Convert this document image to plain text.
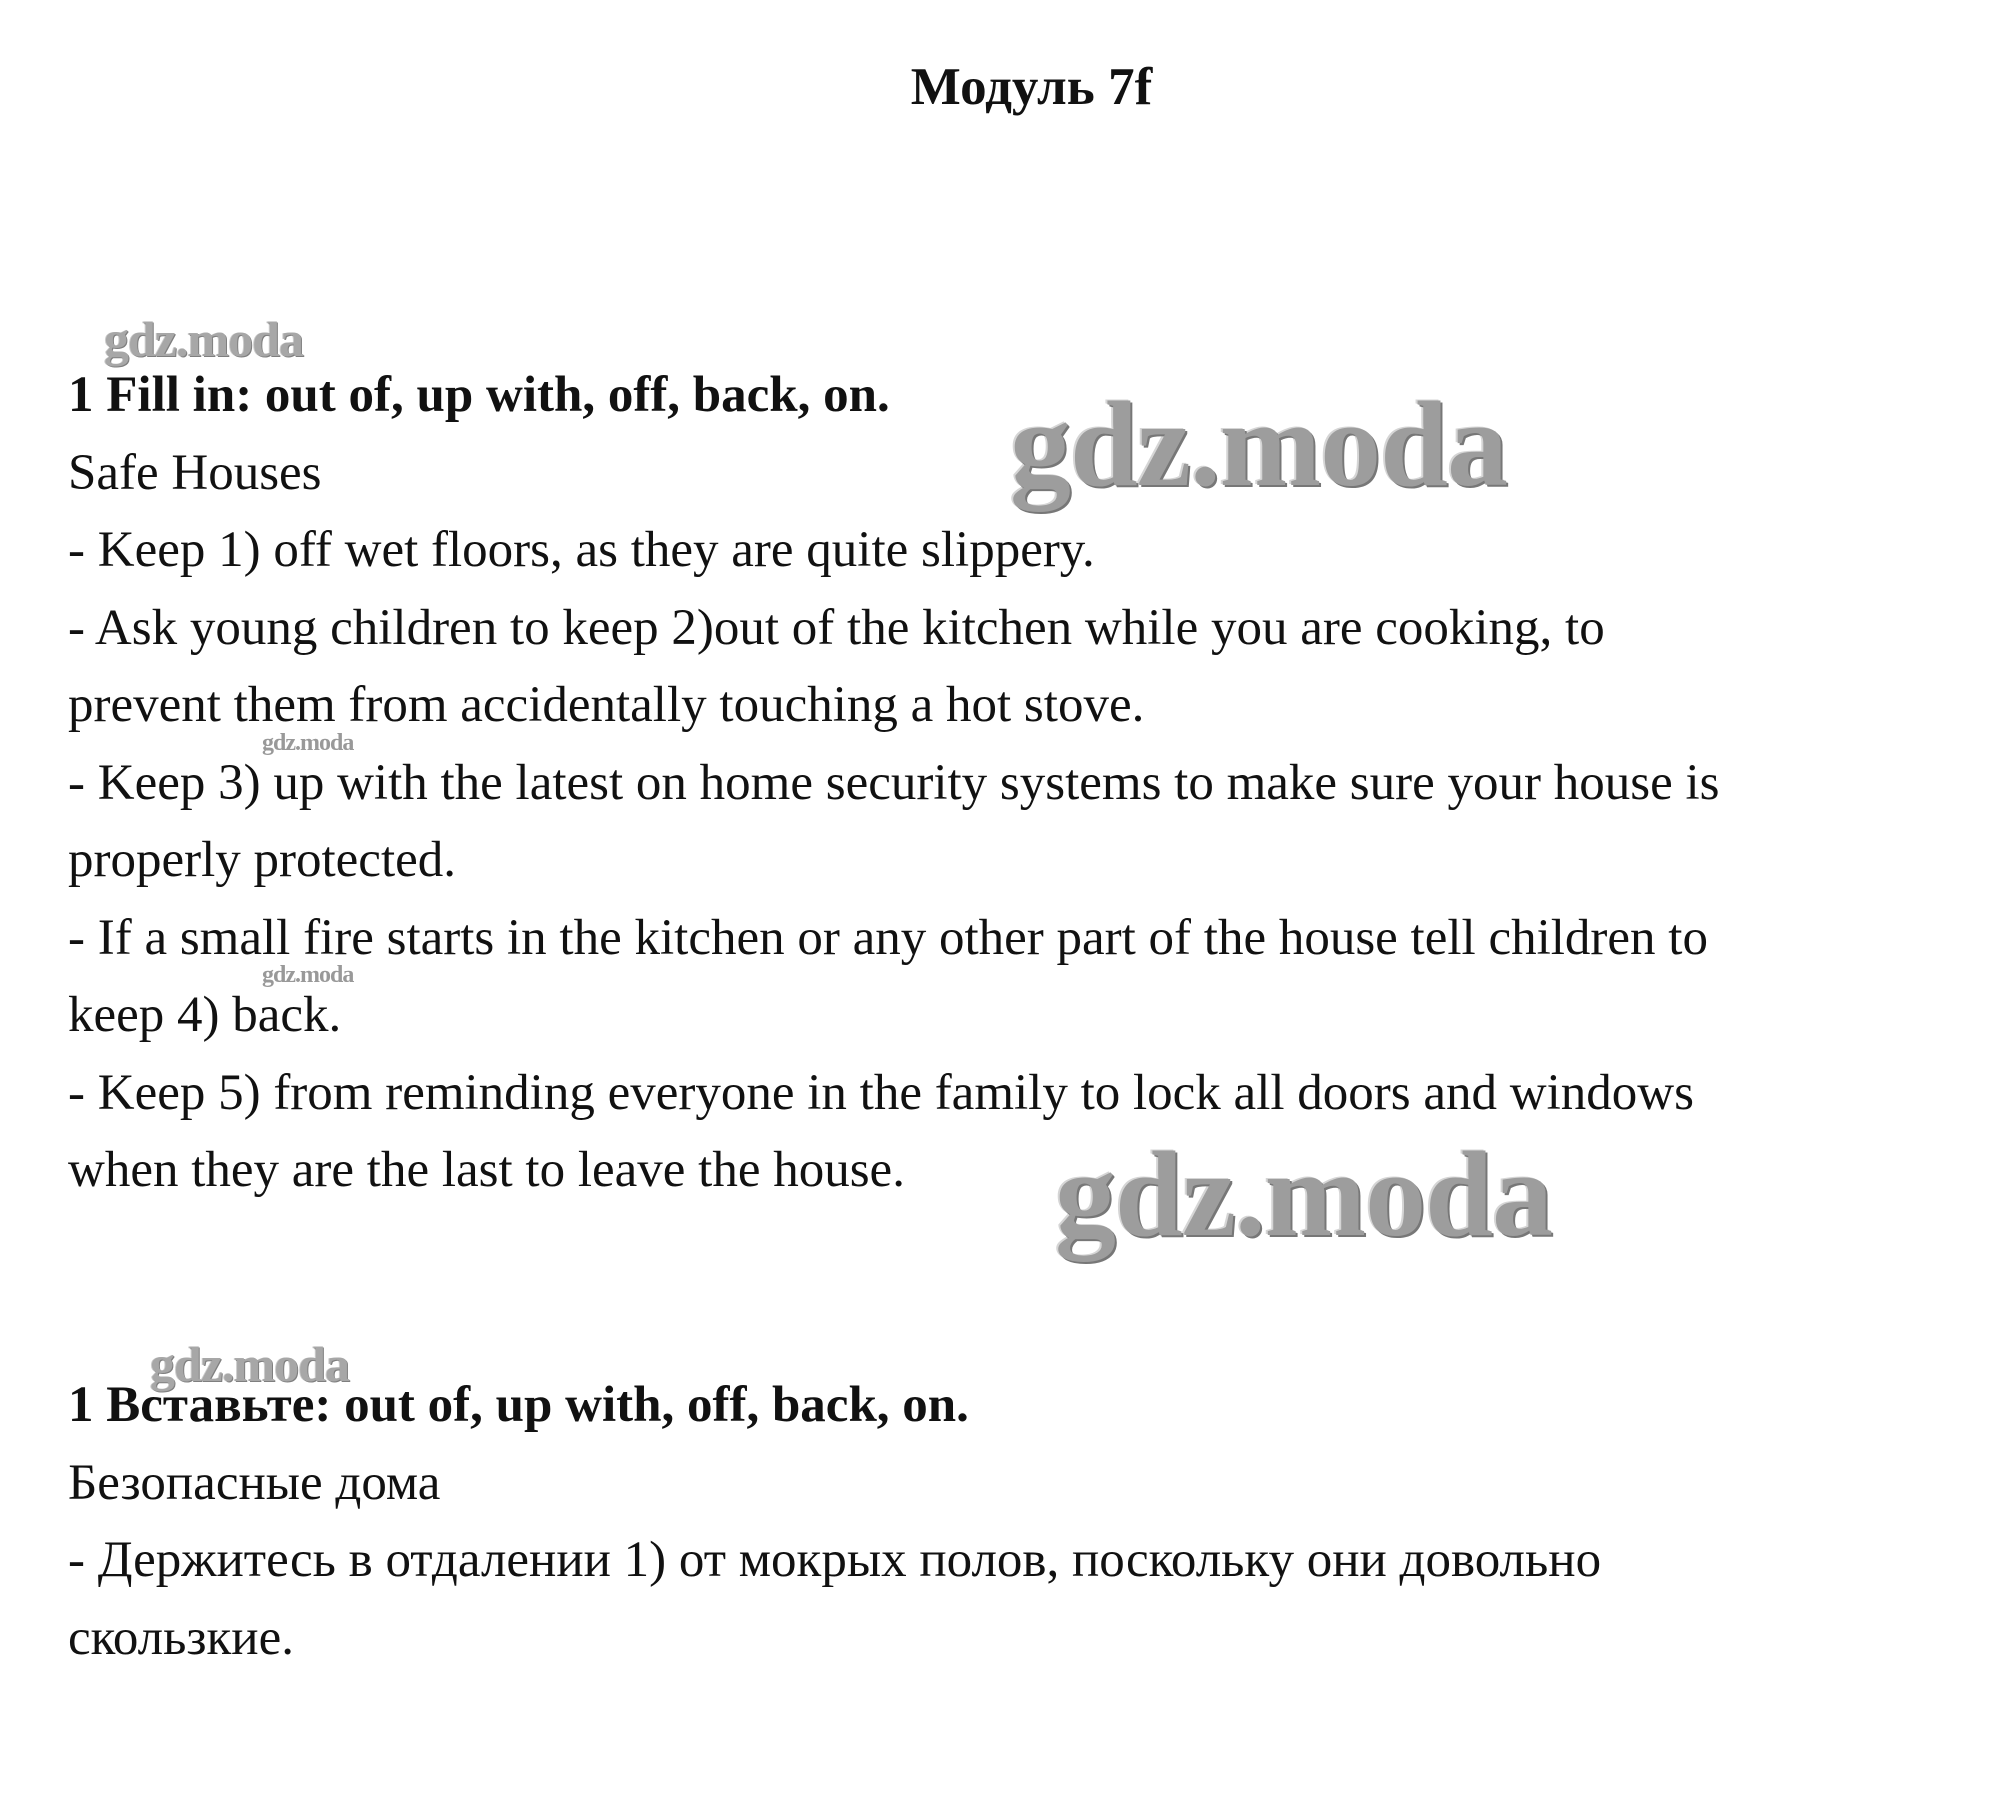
Модуль 7f
1 Fill in: out of, up with, off, back, on.
Safe Houses
- Keep 1) off wet floors, as they are quite slippery.
- Ask young children to keep 2)out of the kitchen while you are cooking, to
prevent them from accidentally touching a hot stove.
- Keep 3) up with the latest on home security systems to make sure your house is
properly protected.
- If a small fire starts in the kitchen or any other part of the house tell children to
keep 4) back.
- Keep 5) from reminding everyone in the family to lock all doors and windows
when they are the last to leave the house.
1 Вставьте: out of, up with, off, back, on.
Безопасные дома
- Держитесь в отдалении 1) от мокрых полов, поскольку они довольно
скользкие.
gdz.moda
gdz.moda
gdz.moda
gdz.moda
gdz.moda
gdz.moda
